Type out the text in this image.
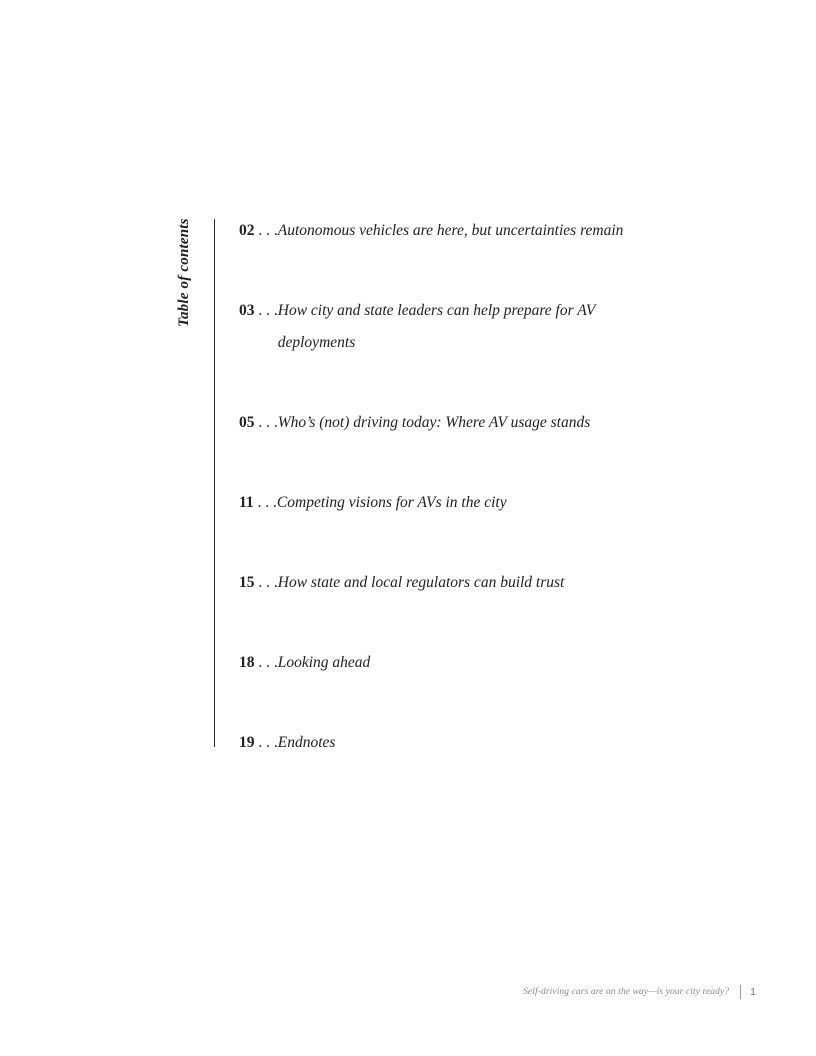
Table of contents	02 . . . Autonomous vehicles are here, but uncertainties remain
03 . . . How city and state leaders can help prepare for AV deployments
05 . . . Who’s (not) driving today: Where AV usage stands
11 . . . Competing visions for AVs in the city
15 . . . How state and local regulators can build trust
18 . . . Looking ahead
19 . . . Endnotes
Self-driving cars are on the way—is your city ready? 1
